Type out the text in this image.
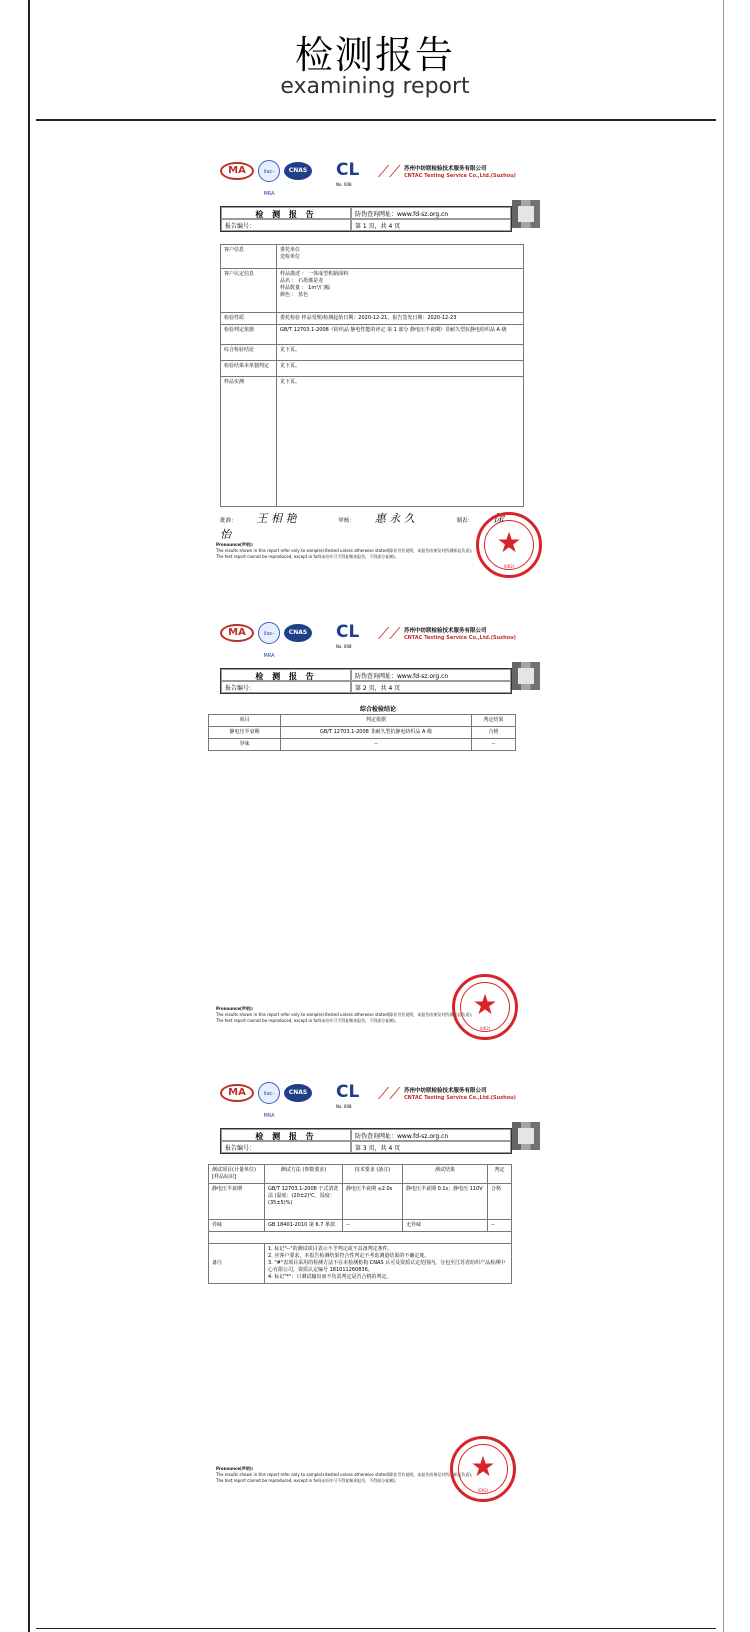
检测报告
examining report
MA	ilac-MRA
CNAS CL
No. 008
⟋⟋ 苏州中纺联检验技术服务有限公司
CNTAC Testing Service Co.,Ltd.(Suzhou)
检 测 报 告	防伪查询网址：www.fd-sz.org.cn
报告编号：	第 1 页，共 4 页
客户信息	委托单位
送检单位

客户认定信息	样品描述 ： 一体成型机制面料
品名 ： 石墨烯是龙
样品数量 ： 1m²/门幅
颜色 ： 蓝色

检验性质	委托检验 样品受理/检测起始日期：2020-12-21，报告签发日期：2020-12-23
检验判定依据	GB/T 12703.1-2008《纺织品 静电性能的评定 第 1 部分 静电压半衰期》非耐久型抗静电纺织品 A 级
综合检验结论	见下页。
检验结果未单独判定	见下页。
样品实测	见下页。
批准： 王 相 艳	审核： 惠 永 久	制表： 徐 怡
Pronounce(声明):
The results shown in this report refer only to sample(s)tested unless otherwise stated(除非另有说明，本报告结果仅对所测样品负责)。
The test report cannot be reproduced, except in full(未经许可不得复制本报告，不得部分复制)。	★
(002)
MA	ilac-MRA
CNAS CL
No. 008
⟋⟋ 苏州中纺联检验技术服务有限公司
CNTAC Testing Service Co.,Ltd.(Suzhou)
检 测 报 告	防伪查询网址：www.fd-sz.org.cn
报告编号：	第 2 页，共 4 页
综合检验结论
项目	判定依据	判定结果
静电压半衰期	GB/T 12703.1-2008 非耐久型抗静电纺织品 A 级	合格
异味	--	--
Pronounce(声明):
The results shown in this report refer only to sample(s)tested unless otherwise stated(除非另有说明，本报告结果仅对所测样品负责)。
The test report cannot be reproduced, except in full(未经许可不得复制本报告，不得部分复制)。	★
(002)
MA	ilac-MRA
CNAS CL
No. 008
⟋⟋ 苏州中纺联检验技术服务有限公司
CNTAC Testing Service Co.,Ltd.(Suzhou)
检 测 报 告	防伪查询网址：www.fd-sz.org.cn
报告编号：	第 3 页，共 4 页
测试项目(计量单位) [样品标识]	测试方法 (参数要求)	技术要求 (备注)	测试结果	判定
静电压半衰期	GB/T 12703.1-2008 干式清洗法 (温度：(20±2)℃，湿度：(35±5)%)	静电压半衰期 ≤2.0s	静电压半衰期 0.1s；静电压 110V	合格
异味	GB 18401-2010 第 6.7 条款	--	无异味	--

备注	1. 标记"--"的测试项目表示不予判定或不具备判定条件。
2. 应客户要求，本报告检测结果符合性判定不考虑测量结果的不确定度。
3. "#"表项目采用的检测方法不在本检测机构 CNAS 认可及资质认定范围内，分包至江苏省纺织产品检测中心有限公司，资质认定编号 181011260836。
4. 标记"*"：只测试输出而不负责判定是否合格的判定。			
Pronounce(声明):
The results shown in this report refer only to sample(s)tested unless otherwise stated(除非另有说明，本报告结果仅对所测样品负责)。
The test report cannot be reproduced, except in full(未经许可不得复制本报告，不得部分复制)。	★
(002)
